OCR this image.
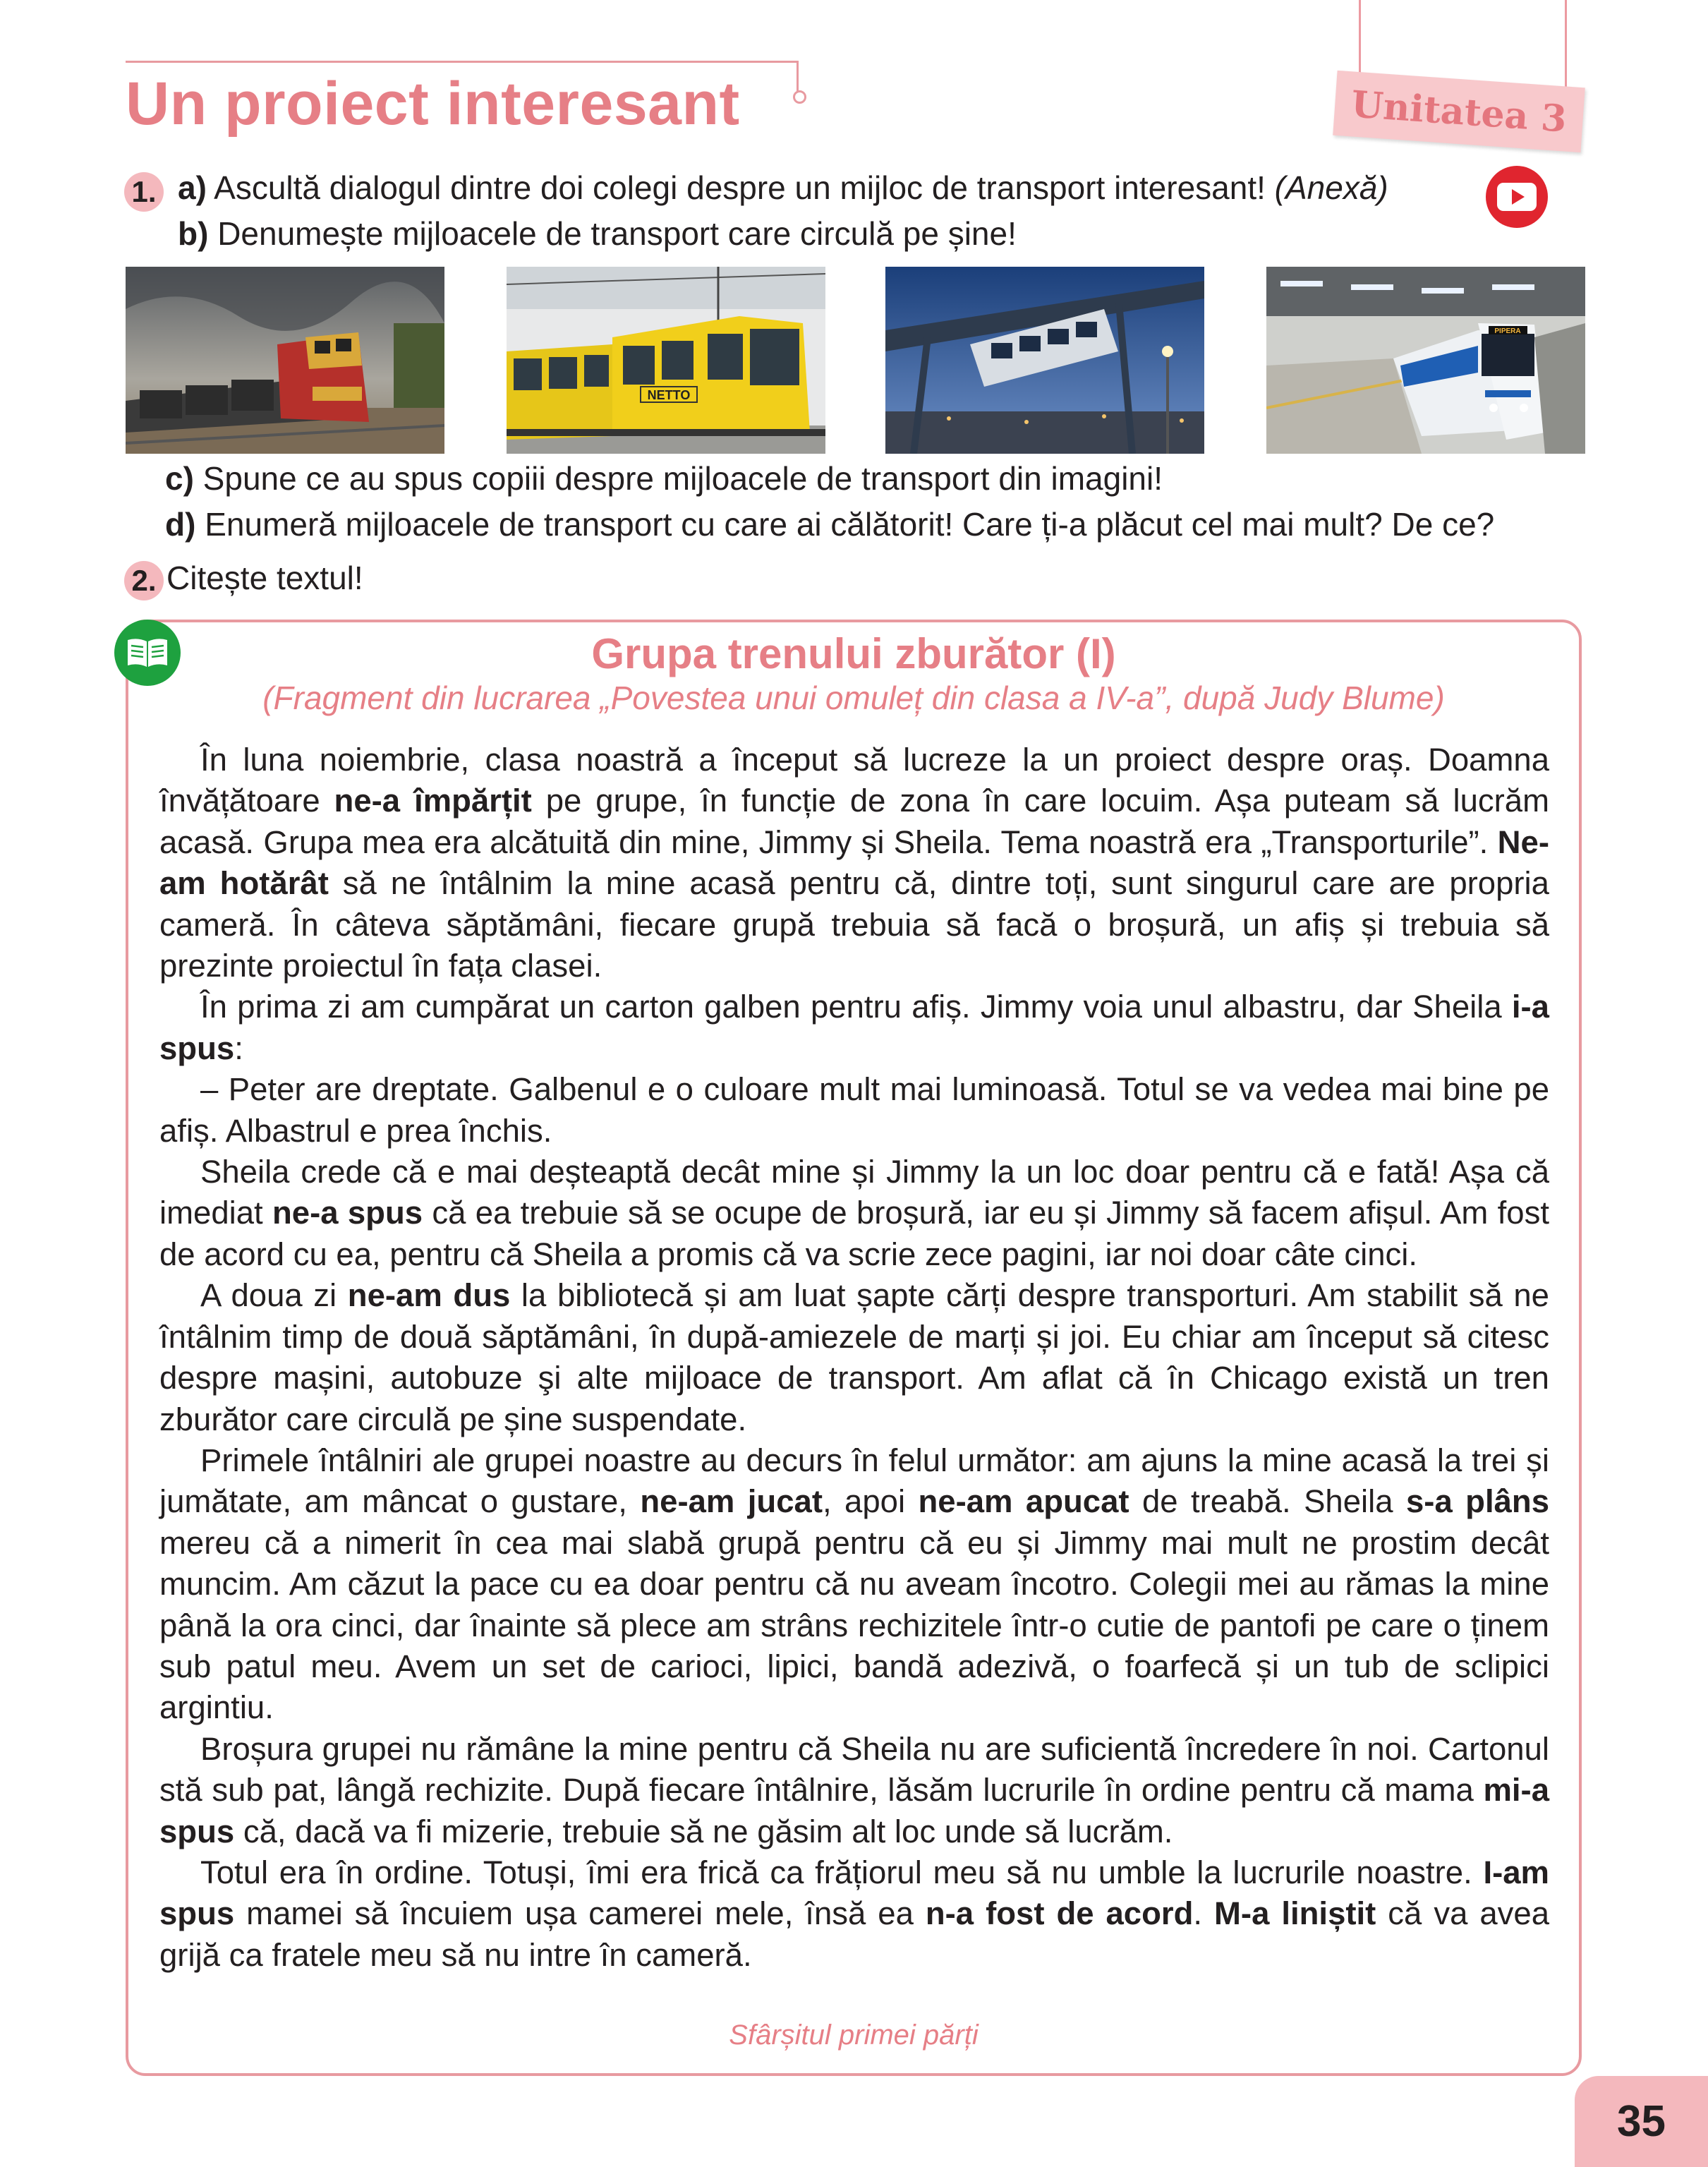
Un proiect interesant	Unitatea 3
1. a) Ascultă dialogul dintre doi colegi despre un mijloc de transport interesant! (Anexă)
b) Denumește mijloacele de transport care circulă pe șine!
NETTO
PIPERA
c) Spune ce au spus copiii despre mijloacele de transport din imagini!
d) Enumeră mijloacele de transport cu care ai călătorit! Care ți-a plăcut cel mai mult? De ce?
2. Citește textul!
Grupa trenului zburător (I)
(Fragment din lucrarea „Povestea unui omuleț din clasa a IV-a”, după Judy Blume)

În luna noiembrie, clasa noastră a început să lucreze la un proiect despre oraș. Doamna învățătoare ne-a împărțit pe grupe, în funcție de zona în care locuim. Așa puteam să lucrăm acasă. Grupa mea era alcătuită din mine, Jimmy și Sheila. Tema noastră era „Transporturile”. Ne-am hotărât să ne întâlnim la mine acasă pentru că, dintre toți, sunt singurul care are propria cameră. În câteva săptămâni, fiecare grupă trebuia să facă o broșură, un afiș și trebuia să prezinte proiectul în fața clasei.

În prima zi am cumpărat un carton galben pentru afiș. Jimmy voia unul albastru, dar Sheila i-a spus:

– Peter are dreptate. Galbenul e o culoare mult mai luminoasă. Totul se va vedea mai bine pe afiș. Albastrul e prea închis.

Sheila crede că e mai deșteaptă decât mine și Jimmy la un loc doar pentru că e fată! Așa că imediat ne-a spus că ea trebuie să se ocupe de broșură, iar eu și Jimmy să facem afișul. Am fost de acord cu ea, pentru că Sheila a promis că va scrie zece pagini, iar noi doar câte cinci.

A doua zi ne-am dus la bibliotecă și am luat șapte cărți despre transporturi. Am stabilit să ne întâlnim timp de două săptămâni, în după-amiezele de marți și joi. Eu chiar am început să citesc despre mașini, autobuze şi alte mijloace de transport. Am aflat că în Chicago există un tren zburător care circulă pe șine suspendate.

Primele întâlniri ale grupei noastre au decurs în felul următor: am ajuns la mine acasă la trei și jumătate, am mâncat o gustare, ne-am jucat, apoi ne-am apucat de treabă. Sheila s-a plâns mereu că a nimerit în cea mai slabă grupă pentru că eu și Jimmy mai mult ne prostim decât muncim. Am căzut la pace cu ea doar pentru că nu aveam încotro. Colegii mei au rămas la mine până la ora cinci, dar înainte să plece am strâns rechizitele într-o cutie de pantofi pe care o ținem sub patul meu. Avem un set de carioci, lipici, bandă adezivă, o foarfecă și un tub de sclipici argintiu.

Broșura grupei nu rămâne la mine pentru că Sheila nu are suficientă încredere în noi. Cartonul stă sub pat, lângă rechizite. După fiecare întâlnire, lăsăm lucrurile în ordine pentru că mama mi-a spus că, dacă va fi mizerie, trebuie să ne găsim alt loc unde să lucrăm.

Totul era în ordine. Totuși, îmi era frică ca frățiorul meu să nu umble la lucrurile noastre. I-am spus mamei să încuiem ușa camerei mele, însă ea n-a fost de acord. M-a liniștit că va avea grijă ca fratele meu să nu intre în cameră.

Sfârșitul primei părți
35
